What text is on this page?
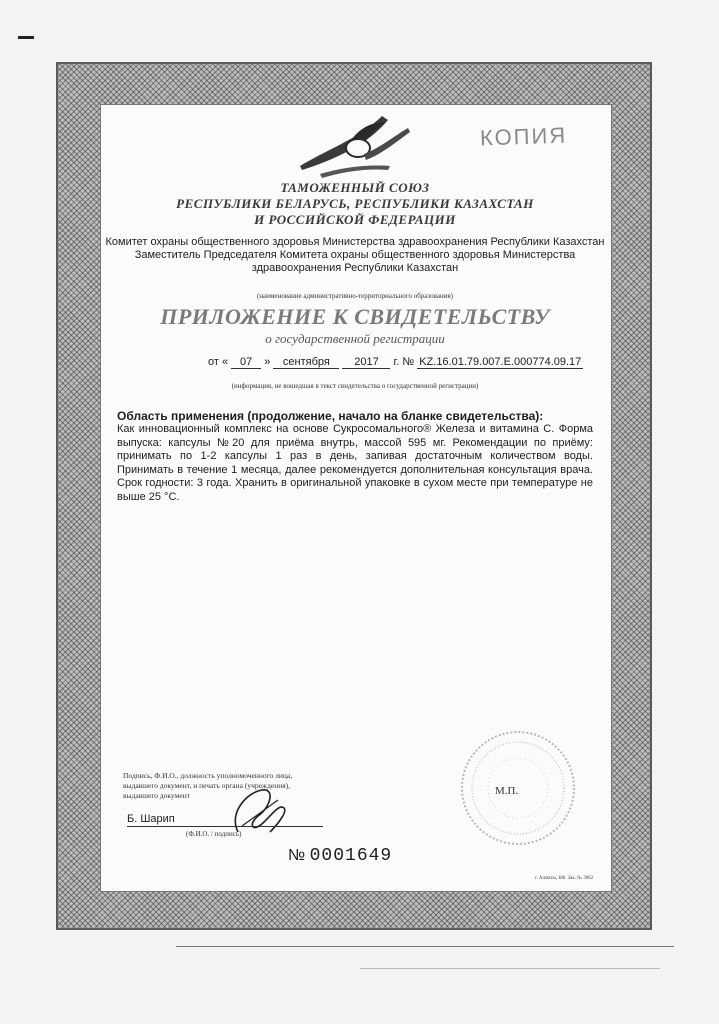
КОПИЯ

ТАМОЖЕННЫЙ СОЮЗ

РЕСПУБЛИКИ БЕЛАРУСЬ, РЕСПУБЛИКИ КАЗАХСТАН

И РОССИЙСКОЙ ФЕДЕРАЦИИ

Комитет охраны общественного здоровья Министерства здравоохранения Республики Казахстан

Заместитель Председателя Комитета охраны общественного здоровья Министерства

здравоохранения Республики Казахстан

(наименование административно-территориального образования)

ПРИЛОЖЕНИЕ К СВИДЕТЕЛЬСТВУ

о государственной регистрации

от « 07 » сентября 2017 г. № KZ.16.01.79.007.E.000774.09.17

(информация, не вошедшая в текст свидетельства о государственной регистрации)

Область применения (продолжение, начало на бланке свидетельства):

Как инновационный комплекс на основе Сукросомального® Железа и витамина С. Форма выпуска: капсулы №20 для приёма внутрь, массой 595 мг. Рекомендации по приёму: принимать по 1-2 капсулы 1 раз в день, запивая достаточным количеством воды. Принимать в течение 1 месяца, далее рекомендуется дополнительная консультация врача. Срок годности: 3 года. Хранить в оригинальной упаковке в сухом месте при температуре не выше 25 °С.

М.П.

Подпись, Ф.И.О., должность уполномоченного лица,
выдавшего документ, и печать органа (учреждения),
выдавшего документ

Б. Шарип
(Ф.И.О. / подпись)
№ 0001649
г. Алматы, БФ. Зак. № 3062
